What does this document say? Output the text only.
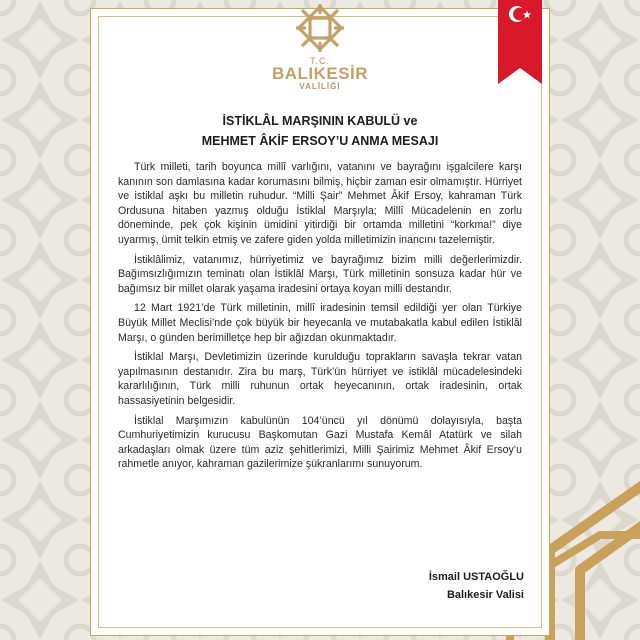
T.C.
BALIKESİR
VALİLİĞİ
İSTİKLÂL MARŞININ KABULÜ ve
MEHMET ÂKİF ERSOY’U ANMA MESAJI

Türk milleti, tarih boyunca millî varlığını, vatanını ve bayrağını işgalcilere karşı kanının son damlasına kadar korumasını bilmiş, hiçbir zaman esir olmamıştır. Hürriyet ve istiklal aşkı bu milletin ruhudur. “Milli Şair” Mehmet Âkif Ersoy, kahraman Türk Ordusuna hitaben yazmış olduğu İstiklal Marşıyla; Millî Mücadelenin en zorlu döneminde, pek çok kişinin ümidini yitirdiği bir ortamda milletini “korkma!” diye uyarmış, ümit telkin etmiş ve zafere giden yolda milletimizin inancını tazelemiştir.

İstiklâlimiz, vatanımız, hürriyetimiz ve bayrağımız bizim milli değerlerimizdir. Bağımsızlığımızın teminatı olan İstiklâl Marşı, Türk milletinin sonsuza kadar hür ve bağımsız bir millet olarak yaşama iradesini ortaya koyan milli destandır.

12 Mart 1921’de Türk milletinin, millî iradesinin temsil edildiği yer olan Türkiye Büyük Millet Meclisi’nde çok büyük bir heyecanla ve mutabakatla kabul edilen İstiklâl Marşı, o günden berimilletçe hep bir ağızdan okunmaktadır.

İstiklal Marşı, Devletimizin üzerinde kurulduğu toprakların savaşla tekrar vatan yapılmasının destanıdır. Zira bu marş, Türk’ün hürriyet ve istiklâl mücadelesindeki kararlılığının, Türk milli ruhunun ortak heyecanının, ortak iradesinin, ortak hassasiyetinin belgesidir.

İstiklal Marşımızın kabulünün 104’üncü yıl dönümü dolayısıyla, başta Cumhuriyetimizin kurucusu Başkomutan Gazi Mustafa Kemâl Atatürk ve silah arkadaşları olmak üzere tüm aziz şehitlerimizi, Milli Şairimiz Mehmet Âkif Ersoy’u rahmetle anıyor, kahraman gazilerimize şükranlarımı sunuyorum.

İsmail USTAOĞLU
Balıkesir Valisi
